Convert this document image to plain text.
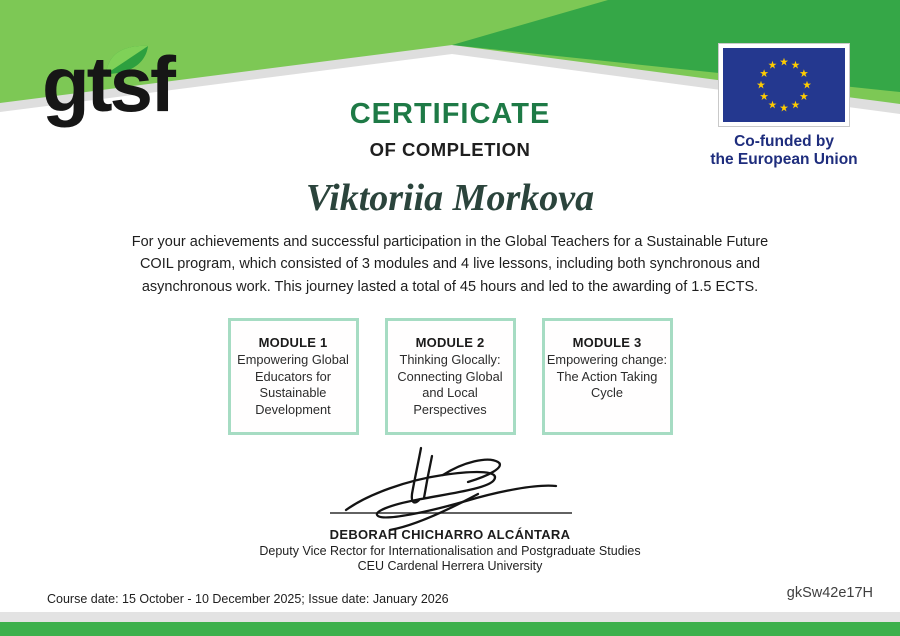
gtsf
Co-funded by
the European Union
CERTIFICATE
OF COMPLETION
Viktoriia Morkova
For your achievements and successful participation in the Global Teachers for a Sustainable Future COIL program, which consisted of 3 modules and 4 live lessons, including both synchronous and asynchronous work. This journey lasted a total of 45 hours and led to the awarding of 1.5 ECTS.
MODULE 1
Empowering Global Educators for Sustainable Development
MODULE 2
Thinking Glocally: Connecting Global and Local Perspectives
MODULE 3
Empowering change: The Action Taking Cycle
DEBORAH CHICHARRO ALCÁNTARA
Deputy Vice Rector for Internationalisation and Postgraduate Studies
CEU Cardenal Herrera University
Course date: 15 October - 10 December 2025; Issue date: January 2026	gkSw42e17H
